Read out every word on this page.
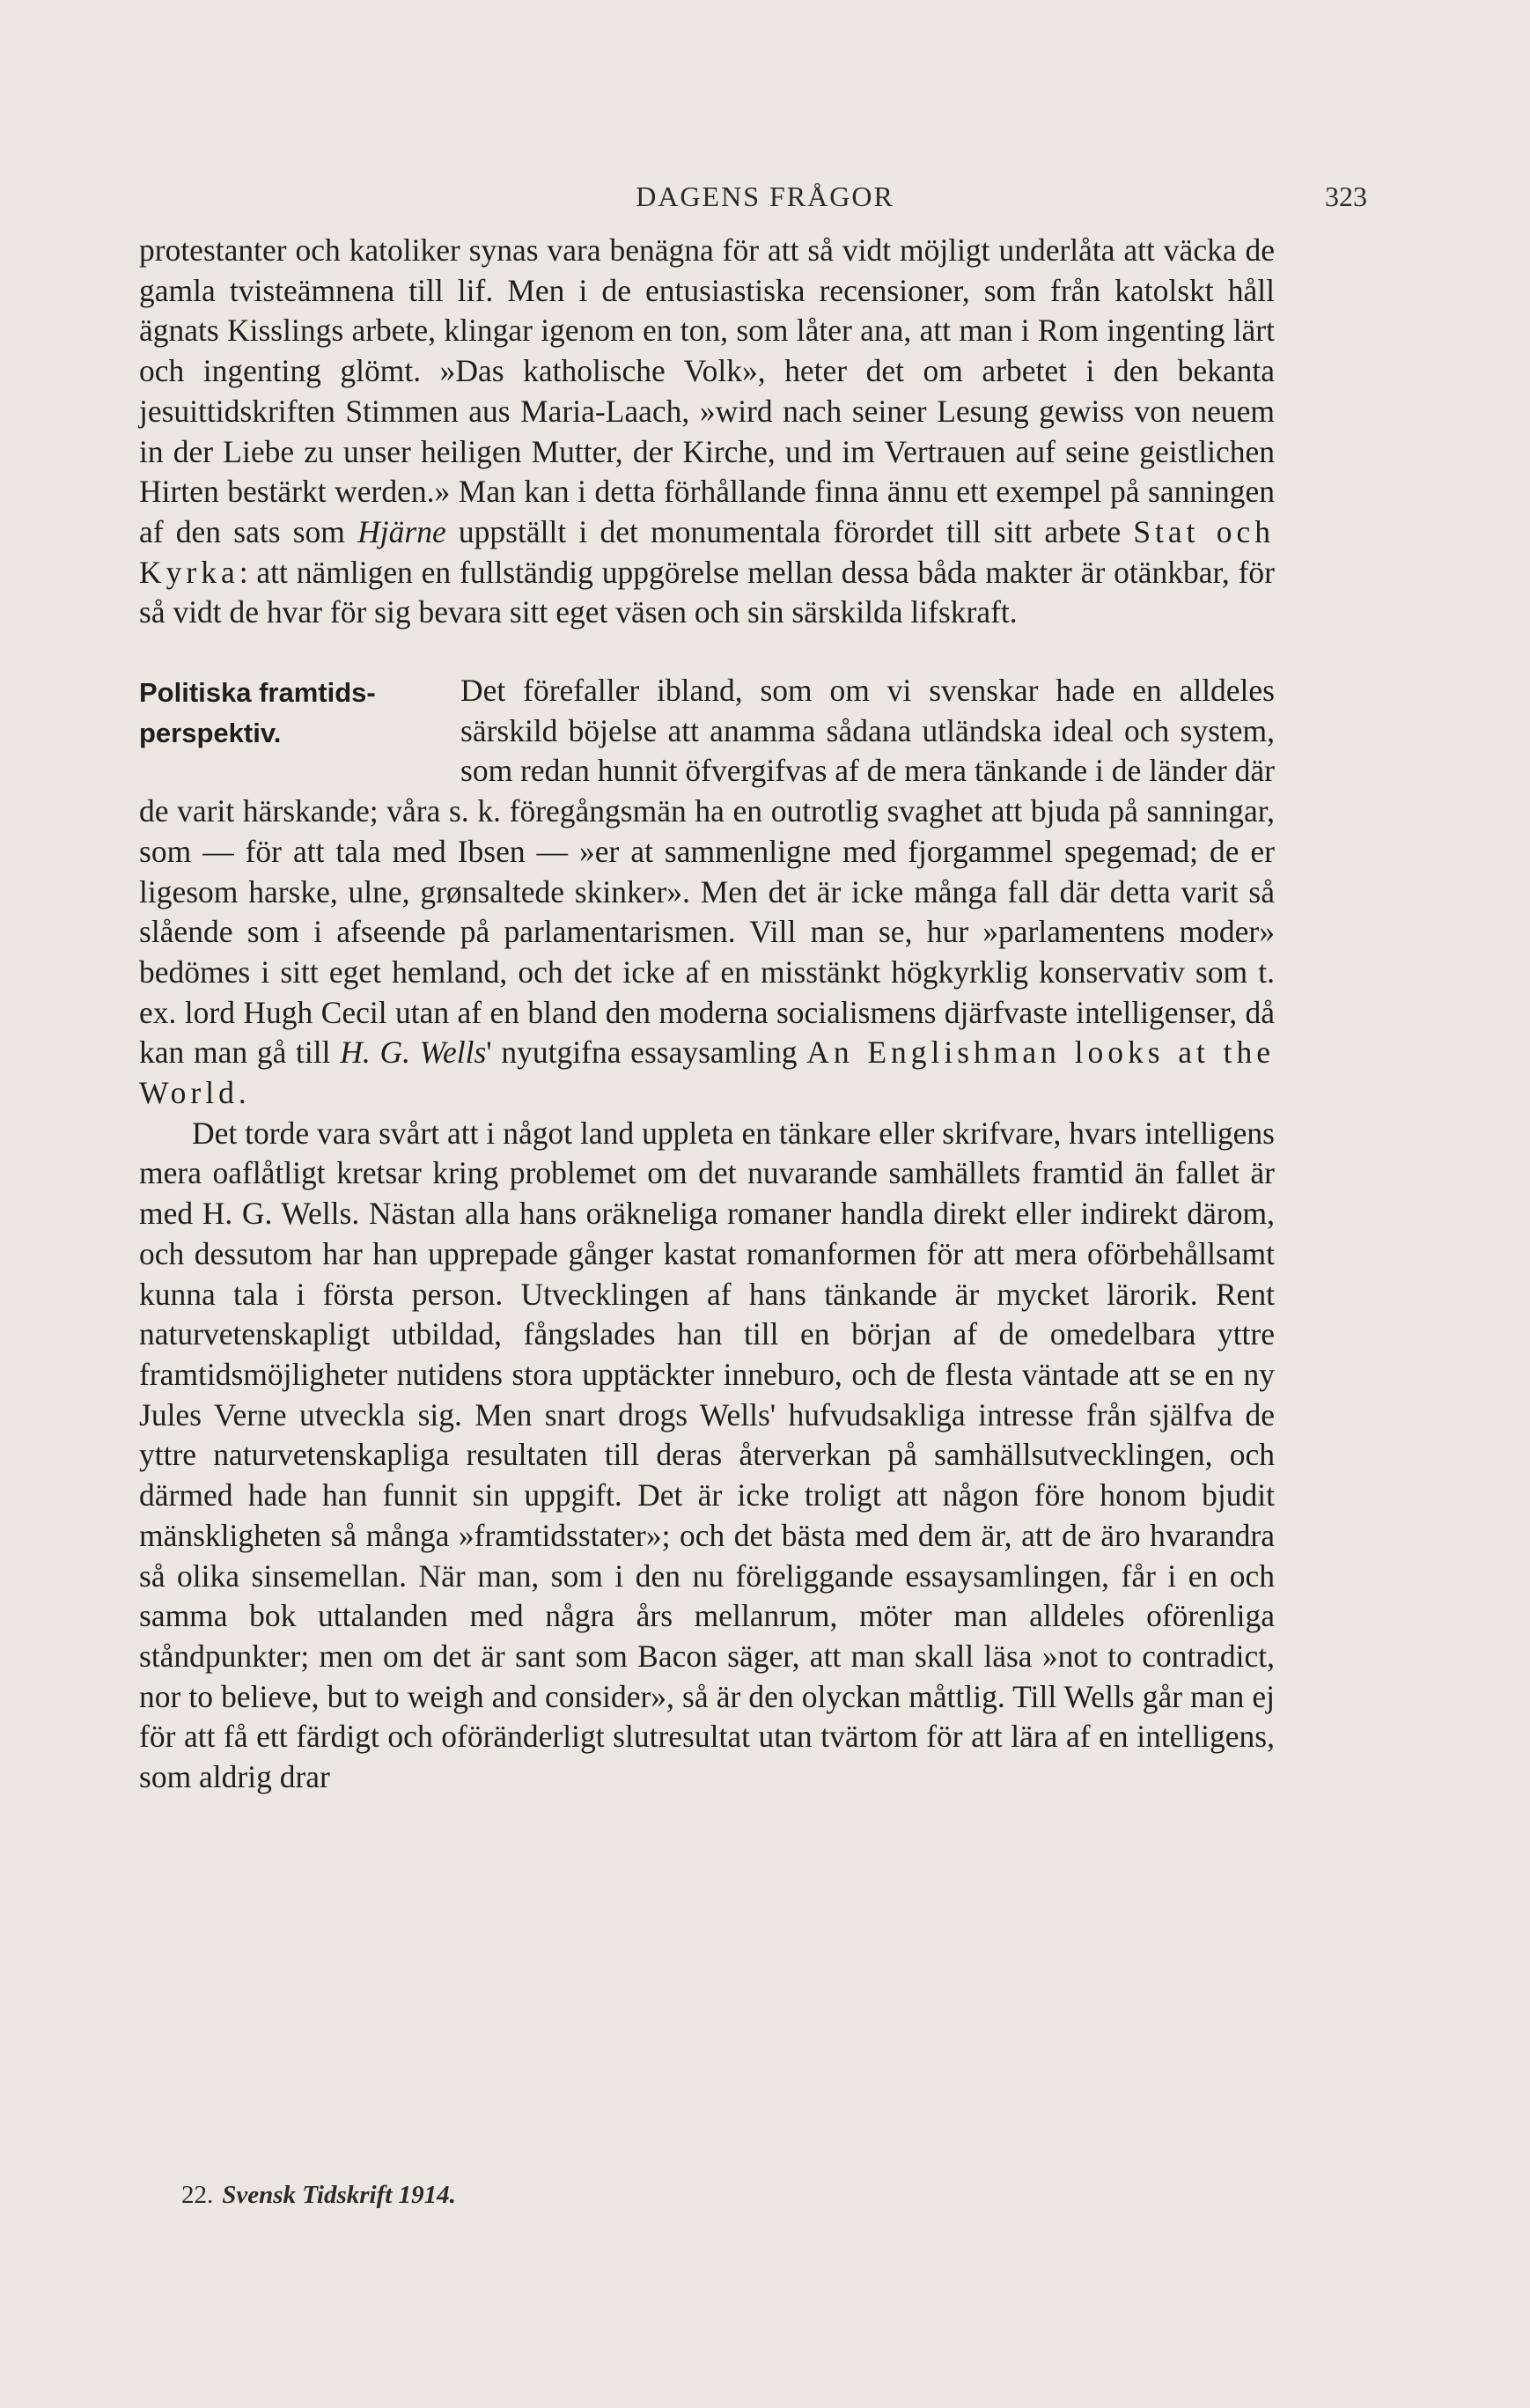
DAGENS FRÅGOR	323

protestanter och katoliker synas vara benägna för att så vidt möjligt underlåta att väcka de gamla tvisteämnena till lif. Men i de entusiastiska recensioner, som från katolskt håll ägnats Kisslings arbete, klingar igenom en ton, som låter ana, att man i Rom ingenting lärt och ingenting glömt. »Das katholische Volk», heter det om arbetet i den bekanta jesuittidskriften Stimmen aus Maria-Laach, »wird nach seiner Lesung gewiss von neuem in der Liebe zu unser heiligen Mutter, der Kirche, und im Vertrauen auf seine geistlichen Hirten bestärkt werden.» Man kan i detta förhållande finna ännu ett exempel på sanningen af den sats som Hjärne uppställt i det monumentala förordet till sitt arbete Stat och Kyrka: att nämligen en fullständig uppgörelse mellan dessa båda makter är otänkbar, för så vidt de hvar för sig bevara sitt eget väsen och sin särskilda lifskraft.

Politiska framtids-
perspektiv.

Det förefaller ibland, som om vi svenskar hade en alldeles särskild böjelse att anamma sådana utländska ideal och system, som redan hunnit öfvergifvas af de mera tänkande i de länder där de varit härskande; våra s. k. föregångsmän ha en outrotlig svaghet att bjuda på sanningar, som — för att tala med Ibsen — »er at sammenligne med fjorgammel spegemad; de er ligesom harske, ulne, grønsaltede skinker». Men det är icke många fall där detta varit så slående som i afseende på parlamentarismen. Vill man se, hur »parlamentens moder» bedömes i sitt eget hemland, och det icke af en misstänkt högkyrklig konservativ som t. ex. lord Hugh Cecil utan af en bland den moderna socialismens djärfvaste intelligenser, då kan man gå till H. G. Wells' nyutgifna essaysamling An Englishman looks at the World.

Det torde vara svårt att i något land uppleta en tänkare eller skrifvare, hvars intelligens mera oaflåtligt kretsar kring problemet om det nuvarande samhällets framtid än fallet är med H. G. Wells. Nästan alla hans oräkneliga romaner handla direkt eller indirekt därom, och dessutom har han upprepade gånger kastat romanformen för att mera oförbehållsamt kunna tala i första person. Utvecklingen af hans tänkande är mycket lärorik. Rent naturvetenskapligt utbildad, fångslades han till en början af de omedelbara yttre framtidsmöjligheter nutidens stora upptäckter inneburo, och de flesta väntade att se en ny Jules Verne utveckla sig. Men snart drogs Wells' hufvudsakliga intresse från själfva de yttre naturvetenskapliga resultaten till deras återverkan på samhällsutvecklingen, och därmed hade han funnit sin uppgift. Det är icke troligt att någon före honom bjudit mänskligheten så många »framtidsstater»; och det bästa med dem är, att de äro hvarandra så olika sinsemellan. När man, som i den nu föreliggande essaysamlingen, får i en och samma bok uttalanden med några års mellanrum, möter man alldeles oförenliga ståndpunkter; men om det är sant som Bacon säger, att man skall läsa »not to contradict, nor to believe, but to weigh and consider», så är den olyckan måttlig. Till Wells går man ej för att få ett färdigt och oföränderligt slutresultat utan tvärtom för att lära af en intelligens, som aldrig drar

22. Svensk Tidskrift 1914.
